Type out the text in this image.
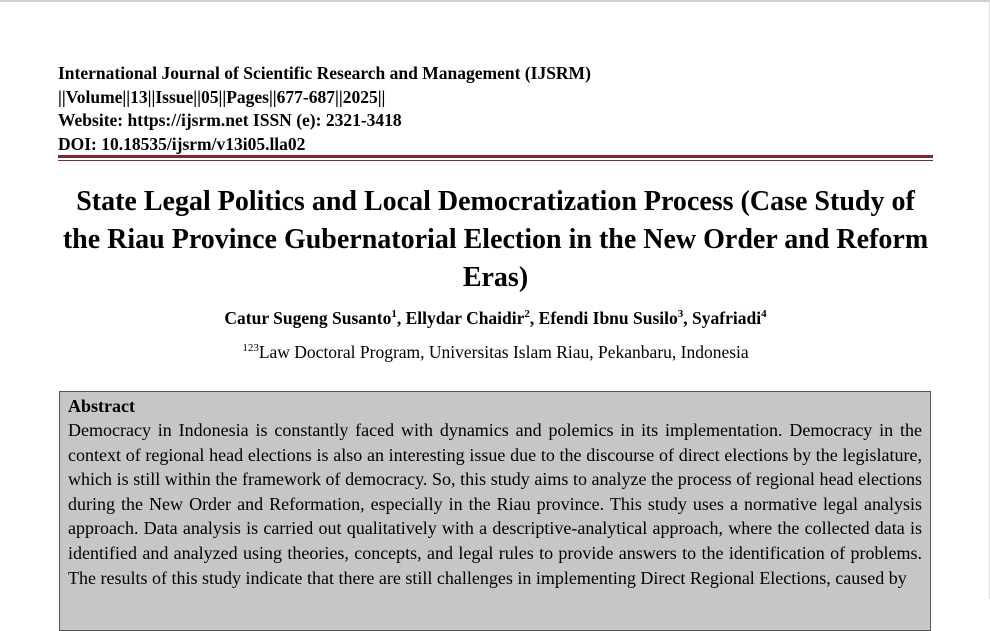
International Journal of Scientific Research and Management (IJSRM)
||Volume||13||Issue||05||Pages||677-687||2025||
Website: https://ijsrm.net ISSN (e): 2321-3418
DOI: 10.18535/ijsrm/v13i05.lla02
State Legal Politics and Local Democratization Process (Case Study of the Riau Province Gubernatorial Election in the New Order and Reform Eras)
Catur Sugeng Susanto$^1$, Ellydar Chaidir$^2$, Efendi Ibnu Susilo$^3$, Syafriadi$^4$
$^{123}$Law Doctoral Program, Universitas Islam Riau, Pekanbaru, Indonesia
Abstract

Democracy in Indonesia is constantly faced with dynamics and polemics in its implementation. Democracy in the context of regional head elections is also an interesting issue due to the discourse of direct elections by the legislature, which is still within the framework of democracy. So, this study aims to analyze the process of regional head elections during the New Order and Reformation, especially in the Riau province. This study uses a normative legal analysis approach. Data analysis is carried out qualitatively with a descriptive-analytical approach, where the collected data is identified and analyzed using theories, concepts, and legal rules to provide answers to the identification of problems. The results of this study indicate that there are still challenges in implementing Direct Regional Elections, caused by
